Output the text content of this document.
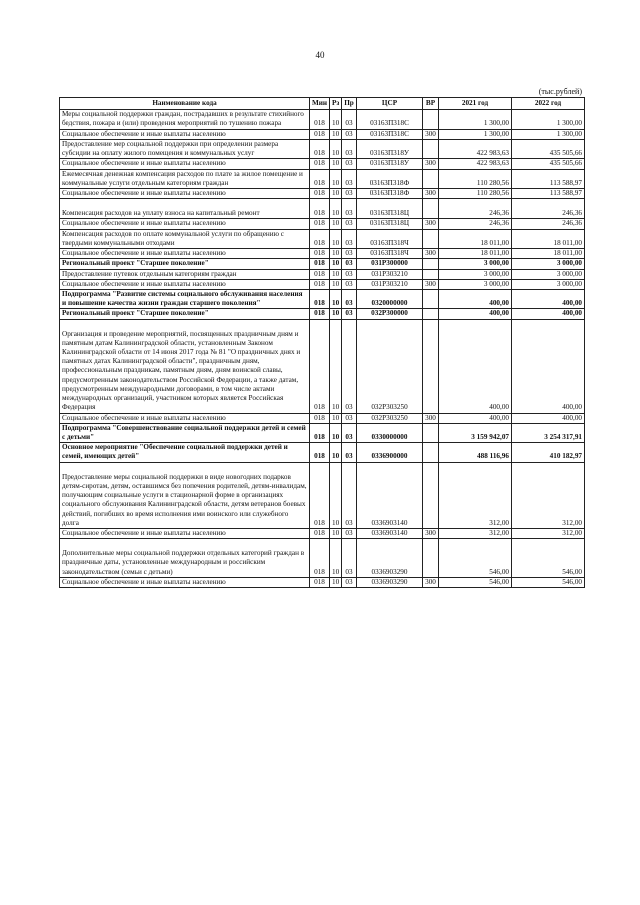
40
(тыс.рублей)
Наименование кода	Мин	Рз	Пр	ЦСР	ВР	2021 год	2022 год
Меры социальной поддержки граждан, пострадавших в результате стихийного бедствия, пожара и (или) проведения мероприятий по тушению пожара	018	10	03	03163П318С		1 300,00	1 300,00
Социальное обеспечение и иные выплаты населению	018	10	03	03163П318С	300	1 300,00	1 300,00
Предоставление мер социальной поддержки при определении размера субсидии на оплату жилого помещения и коммунальных услуг	018	10	03	03163П318У		422 983,63	435 505,66
Социальное обеспечение и иные выплаты населению	018	10	03	03163П318У	300	422 983,63	435 505,66
Ежемесячная денежная компенсация расходов по плате за жилое помещение и коммунальные услуги отдельным категориям граждан	018	10	03	03163П318Ф		110 280,56	113 588,97
Социальное обеспечение и иные выплаты населению	018	10	03	03163П318Ф	300	110 280,56	113 588,97
Компенсация расходов на уплату взноса на капитальный ремонт	018	10	03	03163П318Ц		246,36	246,36
Социальное обеспечение и иные выплаты населению	018	10	03	03163П318Ц	300	246,36	246,36
Компенсация расходов по оплате коммунальной услуги по обращению с твердыми коммунальными отходами	018	10	03	03163П318Ч		18 011,00	18 011,00
Социальное обеспечение и иные выплаты населению	018	10	03	03163П318Ч	300	18 011,00	18 011,00
Региональный проект "Старшее поколение"	018	10	03	031P300000		3 000,00	3 000,00
Предоставление путевок отдельным категориям граждан	018	10	03	031P303210		3 000,00	3 000,00
Социальное обеспечение и иные выплаты населению	018	10	03	031P303210	300	3 000,00	3 000,00
Подпрограмма "Развитие системы социального обслуживания населения и повышение качества жизни граждан старшего поколения"	018	10	03	0320000000		400,00	400,00
Региональный проект "Старшее поколение"	018	10	03	032P300000		400,00	400,00
Организация и проведение мероприятий, посвященных праздничным дням и памятным датам Калининградской области, установленным Законом Калининградской области от 14 июня 2017 года № 81 "О праздничных днях и памятных датах Калининградской области", праздничным дням, профессиональным праздникам, памятным дням, дням воинской славы, предусмотренным законодательством Российской Федерации, а также датам, предусмотренным международными договорами, в том числе актами международных организаций, участником которых является Российская Федерация	018	10	03	032P303250		400,00	400,00
Социальное обеспечение и иные выплаты населению	018	10	03	032P303250	300	400,00	400,00
Подпрограмма "Совершенствование социальной поддержки детей и семей с детьми"	018	10	03	0330000000		3 159 942,07	3 254 317,91
Основное мероприятие "Обеспечение социальной поддержки детей и семей, имеющих детей"	018	10	03	0336900000		488 116,96	410 182,97
Предоставление меры социальной поддержки в виде новогодних подарков детям-сиротам, детям, оставшимся без попечения родителей, детям-инвалидам, получающим социальные услуги в стационарной форме в организациях социального обслуживания Калининградской области, детям ветеранов боевых действий, погибших во время исполнения ими воинского или служебного долга	018	10	03	0336903140		312,00	312,00
Социальное обеспечение и иные выплаты населению	018	10	03	0336903140	300	312,00	312,00
Дополнительные меры социальной поддержки отдельных категорий граждан в праздничные даты, установленные международным и российским законодательством (семьи с детьми)	018	10	03	0336903290		546,00	546,00
Социальное обеспечение и иные выплаты населению	018	10	03	0336903290	300	546,00	546,00
